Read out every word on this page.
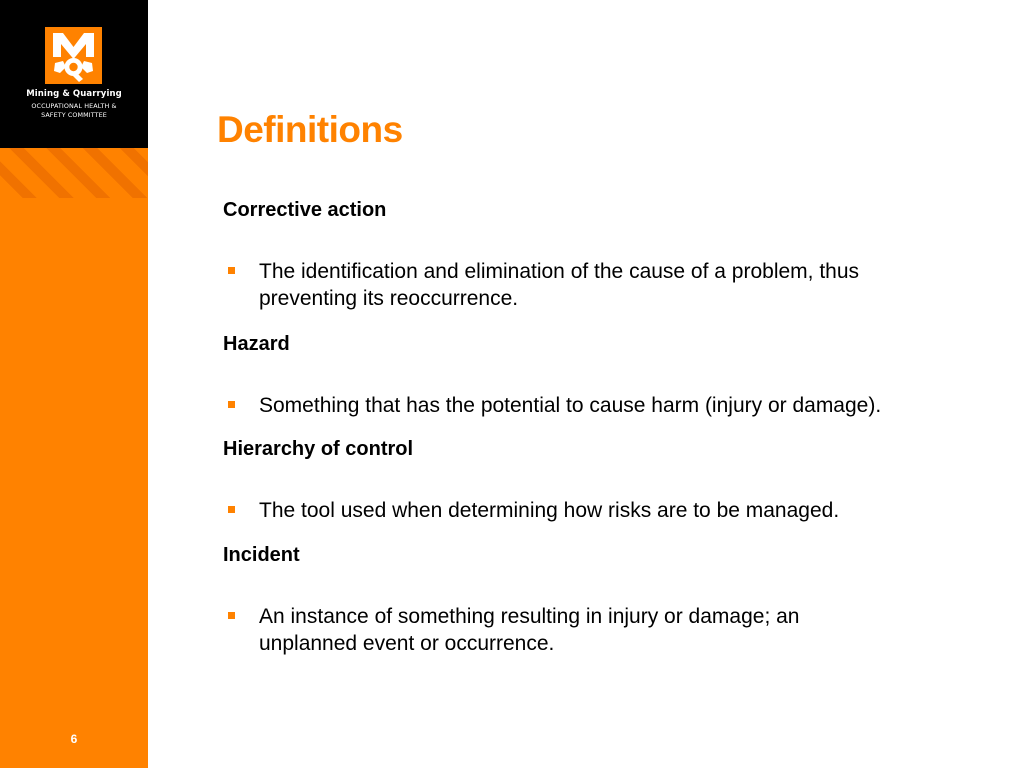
Mining & Quarrying
OCCUPATIONAL HEALTH &
SAFETY COMMITTEE
6
Definitions
Corrective action
The identification and elimination of the cause of a problem, thus preventing its reoccurrence.
Hazard
Something that has the potential to cause harm (injury or damage).
Hierarchy of control
The tool used when determining how risks are to be managed.
Incident
An instance of something resulting in injury or damage; an unplanned event or occurrence.
